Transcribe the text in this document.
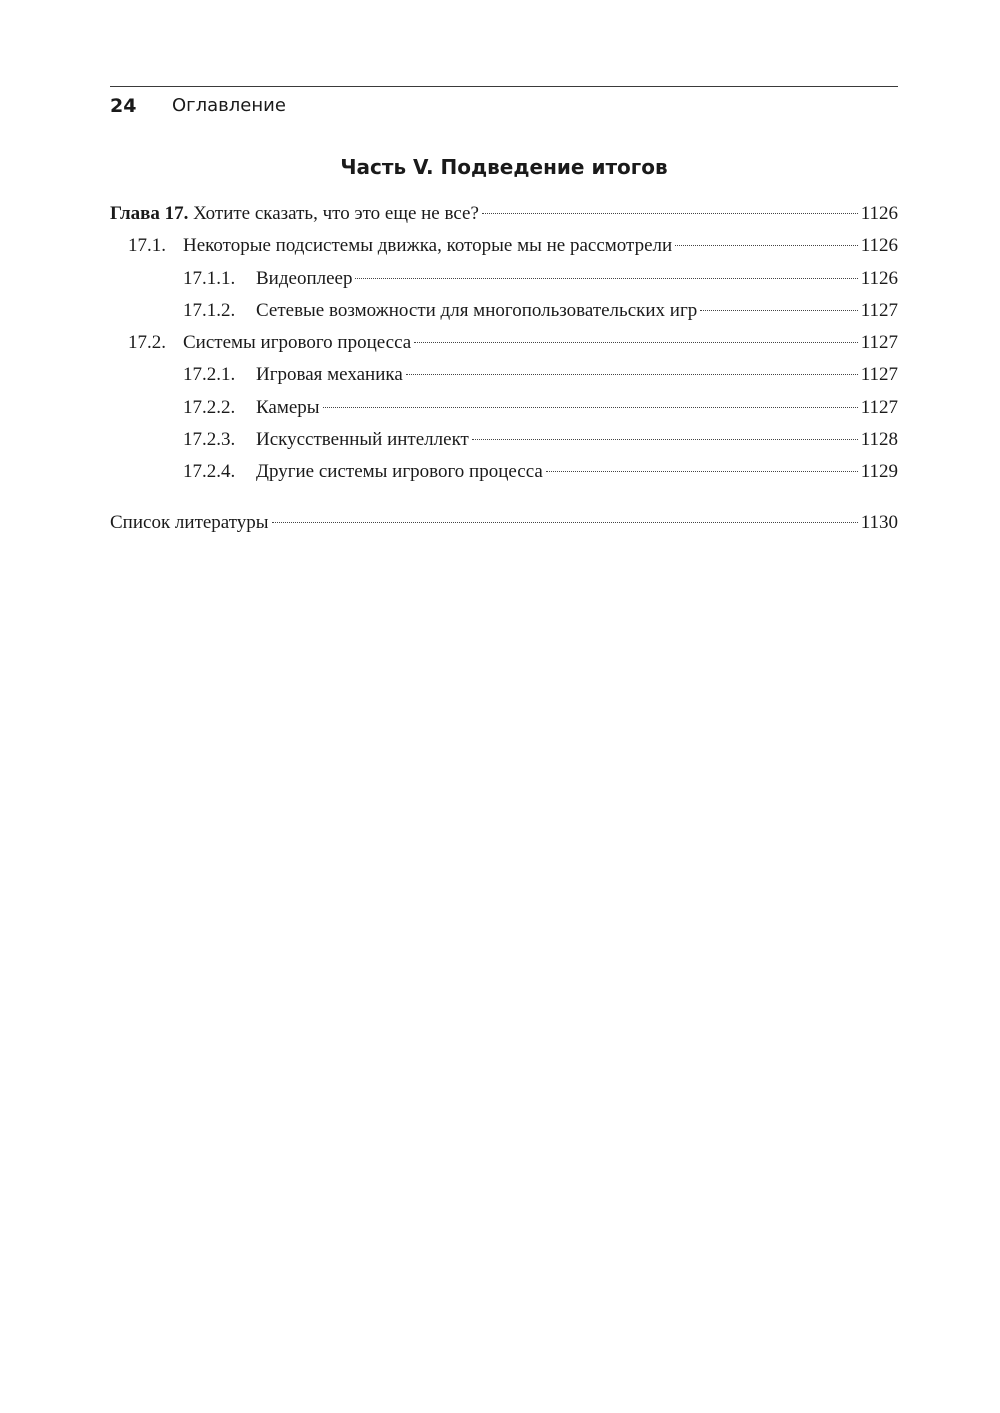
24 Оглавление
Часть V. Подведение итогов
Глава 17. Хотите сказать, что это еще не все?	1126
17.1. Некоторые подсистемы движка, которые мы не рассмотрели	1126
17.1.1.	Видеоплеер	1126
17.1.2.	Сетевые возможности для многопользовательских игр	1127
17.2. Системы игрового процесса	1127
17.2.1.	Игровая механика	1127
17.2.2.	Камеры	1127
17.2.3.	Искусственный интеллект	1128
17.2.4.	Другие системы игрового процесса	1129
Список литературы	1130
